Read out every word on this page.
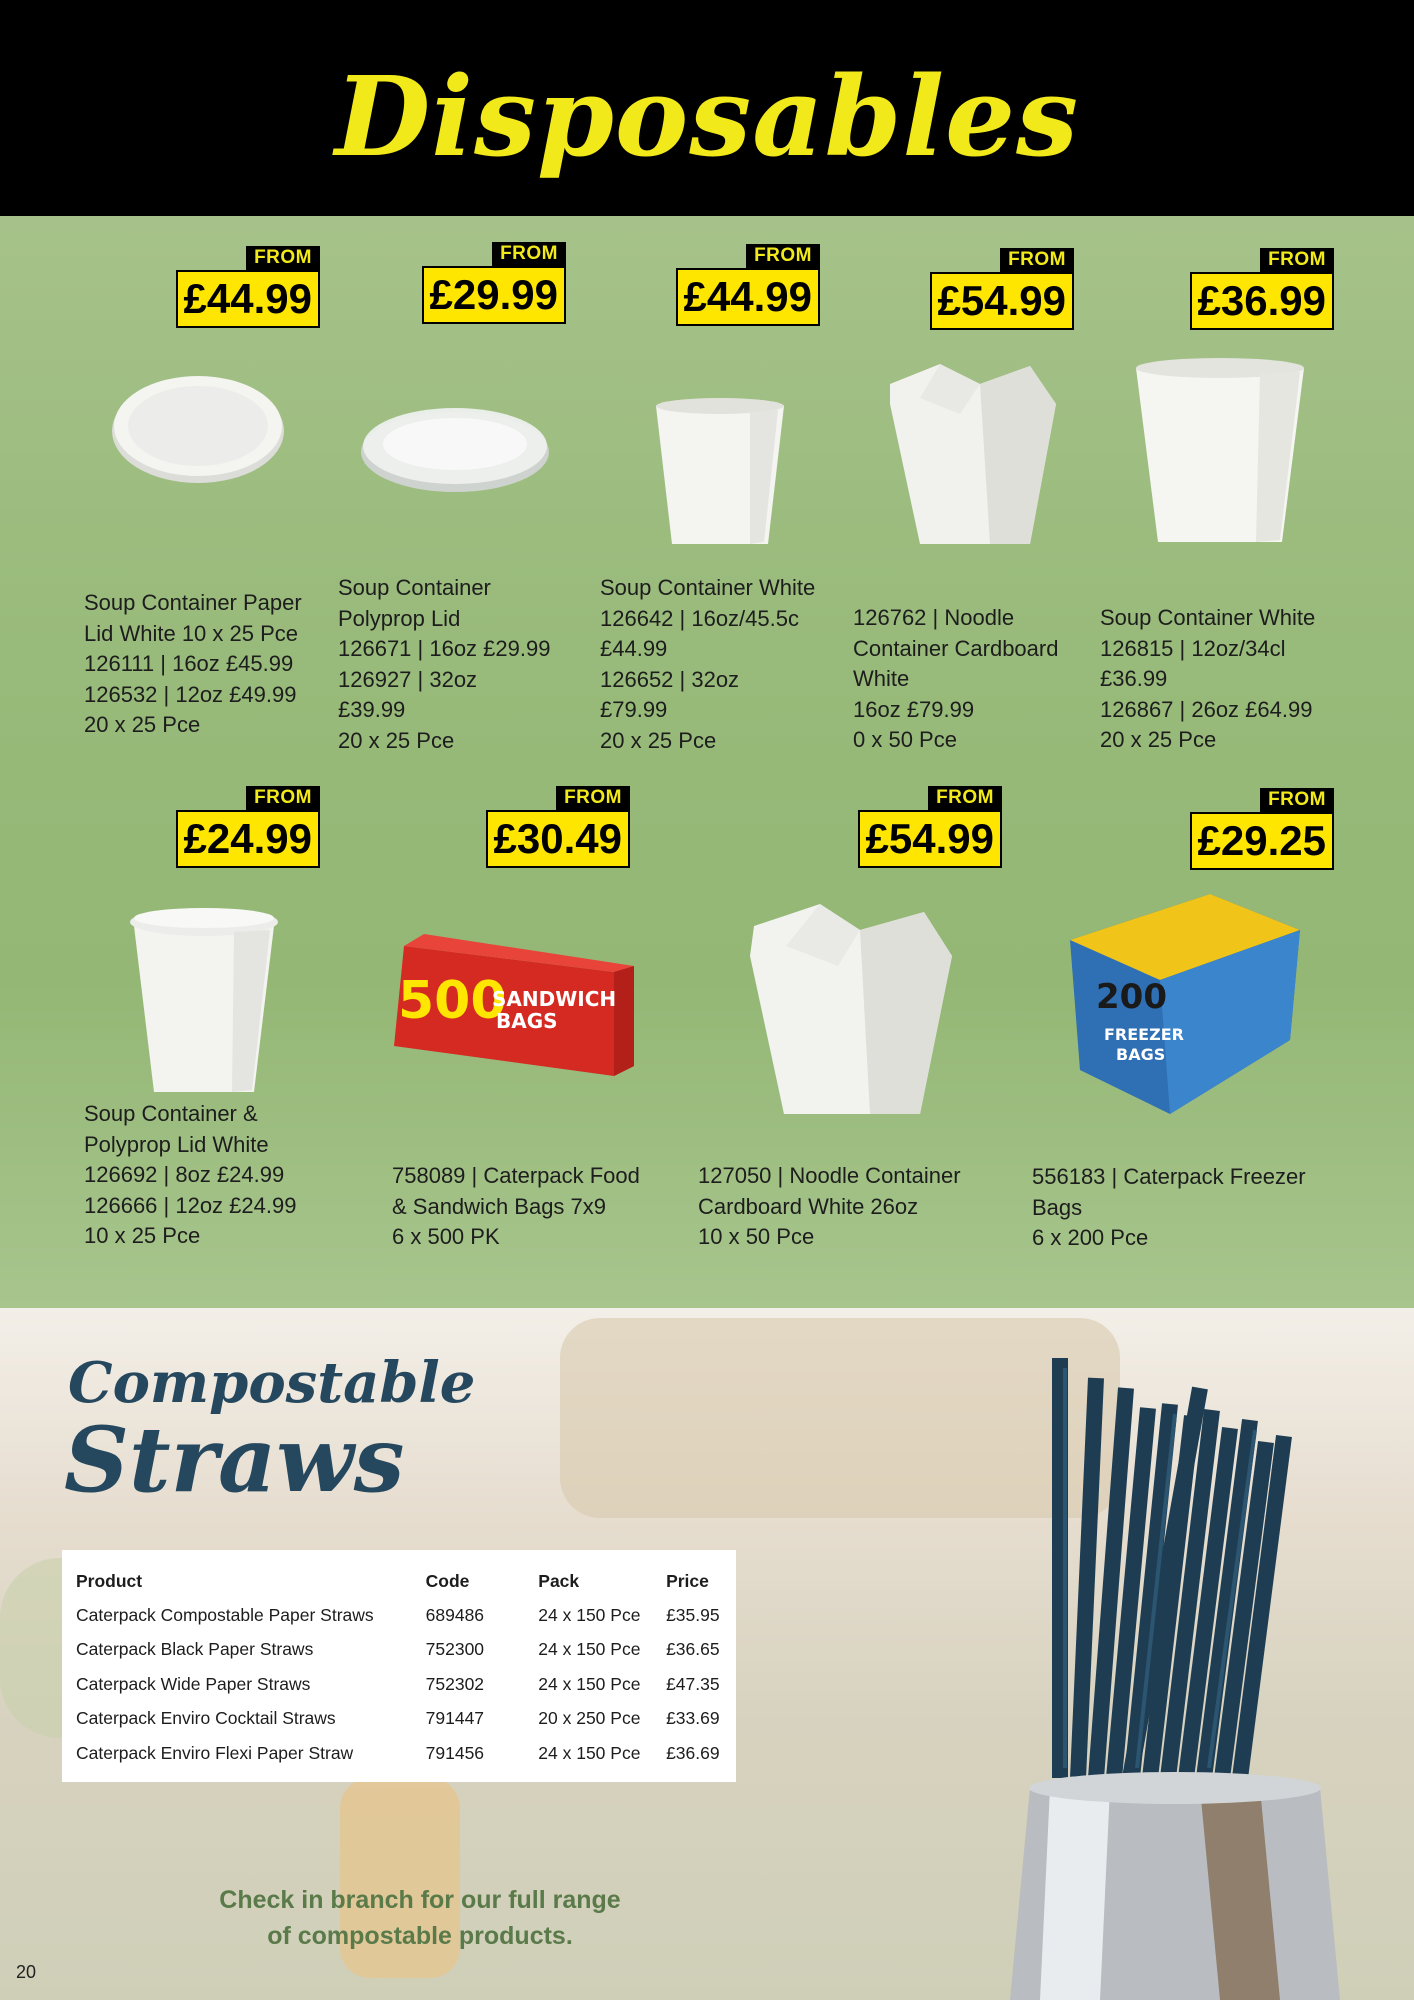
Disposables
FROM
£44.99
Soup Container Paper
Lid White 10 x 25 Pce
126111 | 16oz £45.99
126532 | 12oz £49.99
20 x 25 Pce
FROM
£29.99
Soup Container
Polyprop Lid
126671 | 16oz £29.99
126927 | 32oz
£39.99
20 x 25 Pce
FROM
£44.99
Soup Container White
126642 | 16oz/45.5c
£44.99
126652 | 32oz
£79.99
20 x 25 Pce
FROM
£54.99
126762 | Noodle
Container Cardboard
White
16oz £79.99
0 x 50 Pce
FROM
£36.99
Soup Container White
126815 | 12oz/34cl
£36.99
126867 | 26oz £64.99
20 x 25 Pce
FROM
£24.99
Soup Container &
Polyprop Lid White
126692 | 8oz £24.99
126666 | 12oz £24.99
10 x 25 Pce
FROM
£30.49
500
SANDWICH
BAGS
758089 | Caterpack Food
& Sandwich Bags 7x9
6 x 500 PK
FROM
£54.99
127050 | Noodle Container
Cardboard White 26oz
10 x 50 Pce
FROM
£29.25
200
FREEZER
BAGS
556183 | Caterpack Freezer
Bags
6 x 200 Pce
Compostable
Straws
Product	Code	Pack	Price
Caterpack Compostable Paper Straws	689486	24 x 150 Pce	£35.95
Caterpack Black Paper Straws	752300	24 x 150 Pce	£36.65
Caterpack Wide Paper Straws	752302	24 x 150 Pce	£47.35
Caterpack Enviro Cocktail Straws	791447	20 x 250 Pce	£33.69
Caterpack Enviro Flexi Paper Straw	791456	24 x 150 Pce	£36.69
Check in branch for our full range
of compostable products.
20
